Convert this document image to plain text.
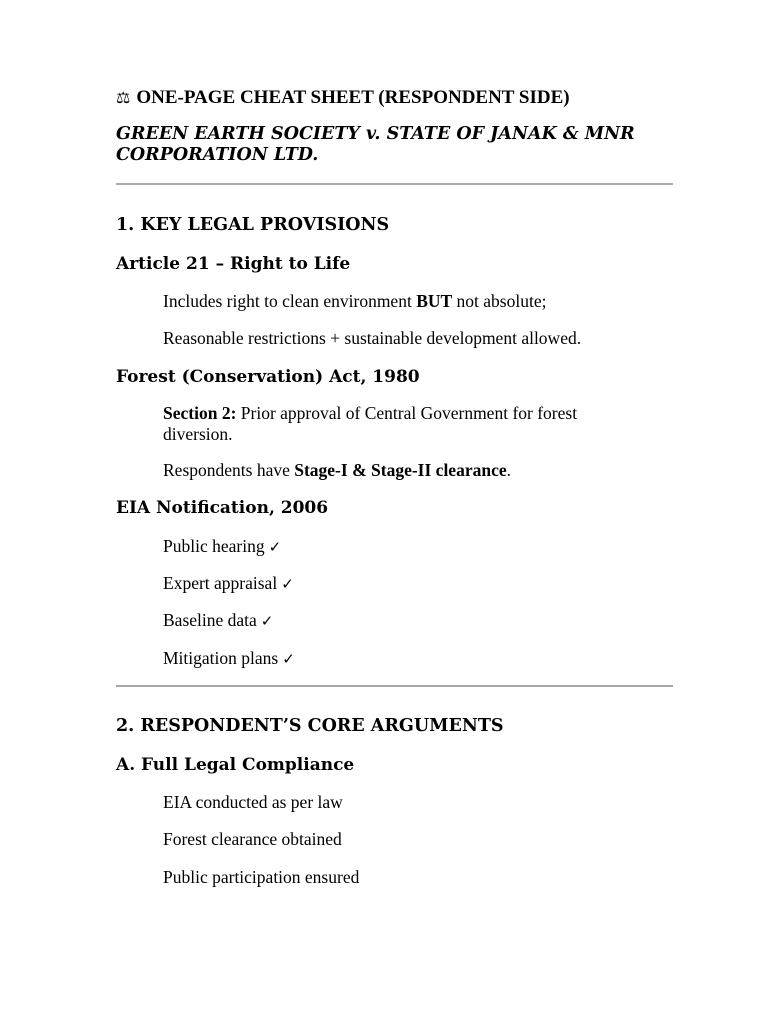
⚖ ONE-PAGE CHEAT SHEET (RESPONDENT SIDE)
GREEN EARTH SOCIETY v. STATE OF JANAK & MNR CORPORATION LTD.
1. KEY LEGAL PROVISIONS
Article 21 – Right to Life
Includes right to clean environment BUT not absolute;
Reasonable restrictions + sustainable development allowed.
Forest (Conservation) Act, 1980
Section 2: Prior approval of Central Government for forest diversion.
Respondents have Stage-I & Stage-II clearance.
EIA Notification, 2006
Public hearing ✓
Expert appraisal ✓
Baseline data ✓
Mitigation plans ✓
2. RESPONDENT’S CORE ARGUMENTS
A. Full Legal Compliance
EIA conducted as per law
Forest clearance obtained
Public participation ensured
